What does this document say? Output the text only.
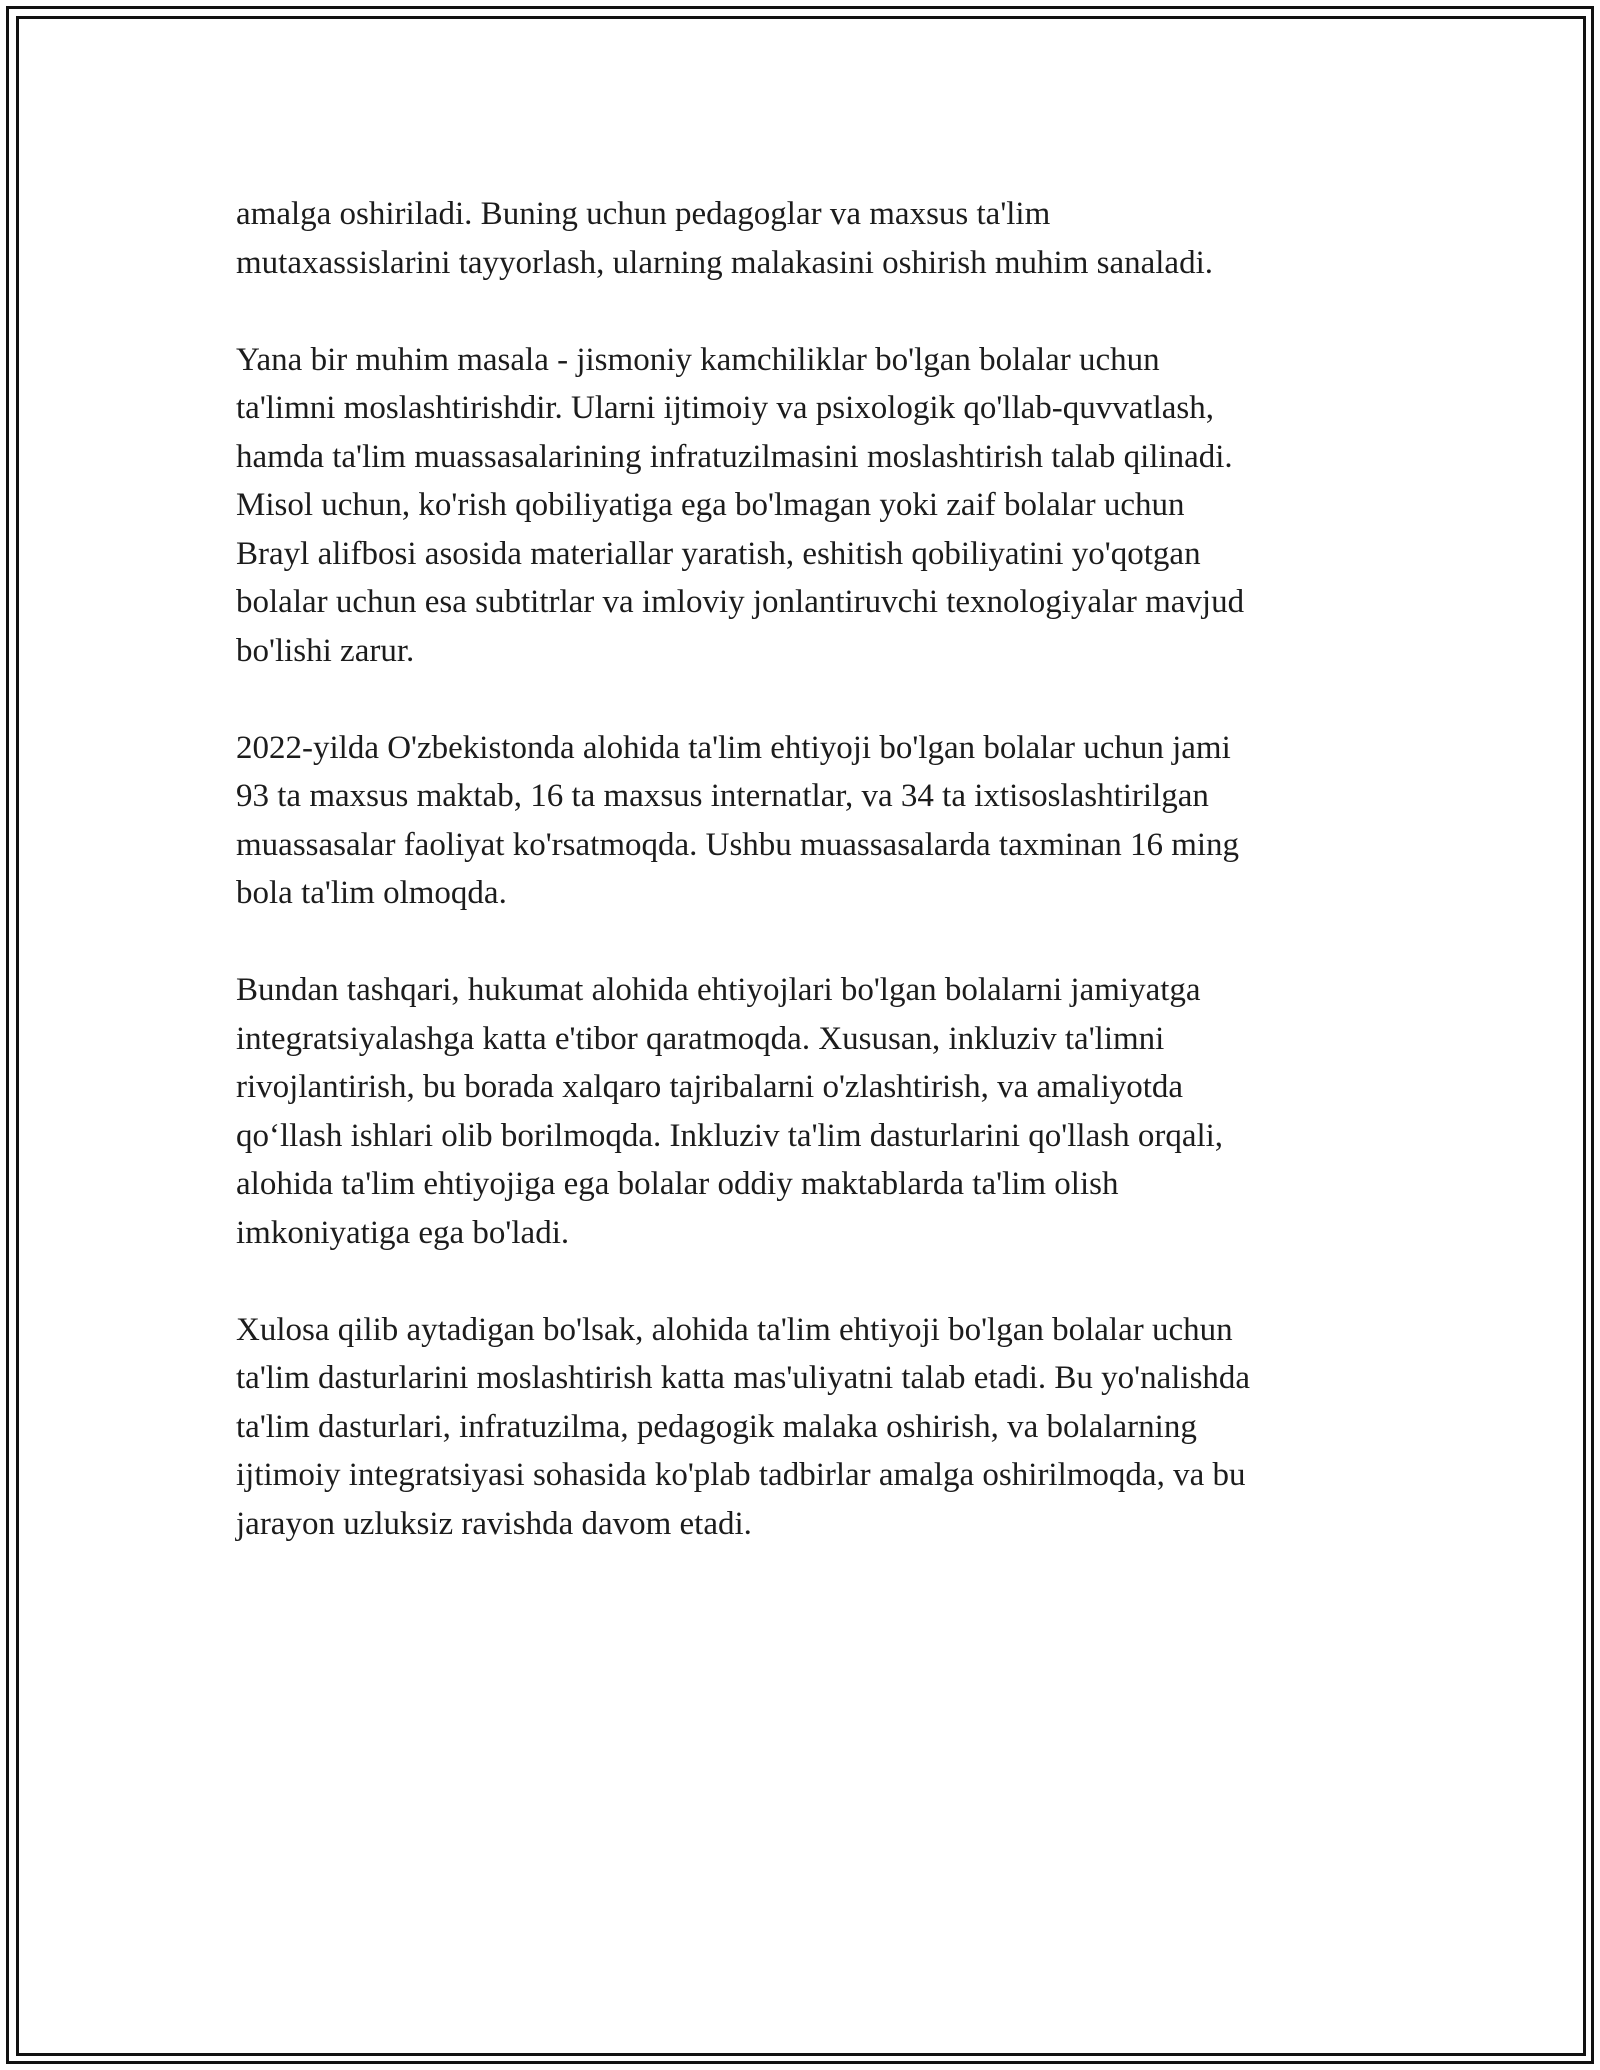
amalga oshiriladi. Buning uchun pedagoglar va maxsus ta'lim
mutaxassislarini tayyorlash, ularning malakasini oshirish muhim sanaladi.

Yana bir muhim masala - jismoniy kamchiliklar bo'lgan bolalar uchun
ta'limni moslashtirishdir. Ularni ijtimoiy va psixologik qo'llab-quvvatlash,
hamda ta'lim muassasalarining infratuzilmasini moslashtirish talab qilinadi.
Misol uchun, ko'rish qobiliyatiga ega bo'lmagan yoki zaif bolalar uchun
Brayl alifbosi asosida materiallar yaratish, eshitish qobiliyatini yo'qotgan
bolalar uchun esa subtitrlar va imloviy jonlantiruvchi texnologiyalar mavjud
bo'lishi zarur.

2022-yilda O'zbekistonda alohida ta'lim ehtiyoji bo'lgan bolalar uchun jami
93 ta maxsus maktab, 16 ta maxsus internatlar, va 34 ta ixtisoslashtirilgan
muassasalar faoliyat ko'rsatmoqda. Ushbu muassasalarda taxminan 16 ming
bola ta'lim olmoqda.

Bundan tashqari, hukumat alohida ehtiyojlari bo'lgan bolalarni jamiyatga
integratsiyalashga katta e'tibor qaratmoqda. Xususan, inkluziv ta'limni
rivojlantirish, bu borada xalqaro tajribalarni o'zlashtirish, va amaliyotda
qo‘llash ishlari olib borilmoqda. Inkluziv ta'lim dasturlarini qo'llash orqali,
alohida ta'lim ehtiyojiga ega bolalar oddiy maktablarda ta'lim olish
imkoniyatiga ega bo'ladi.

Xulosa qilib aytadigan bo'lsak, alohida ta'lim ehtiyoji bo'lgan bolalar uchun
ta'lim dasturlarini moslashtirish katta mas'uliyatni talab etadi. Bu yo'nalishda
ta'lim dasturlari, infratuzilma, pedagogik malaka oshirish, va bolalarning
ijtimoiy integratsiyasi sohasida ko'plab tadbirlar amalga oshirilmoqda, va bu
jarayon uzluksiz ravishda davom etadi.
